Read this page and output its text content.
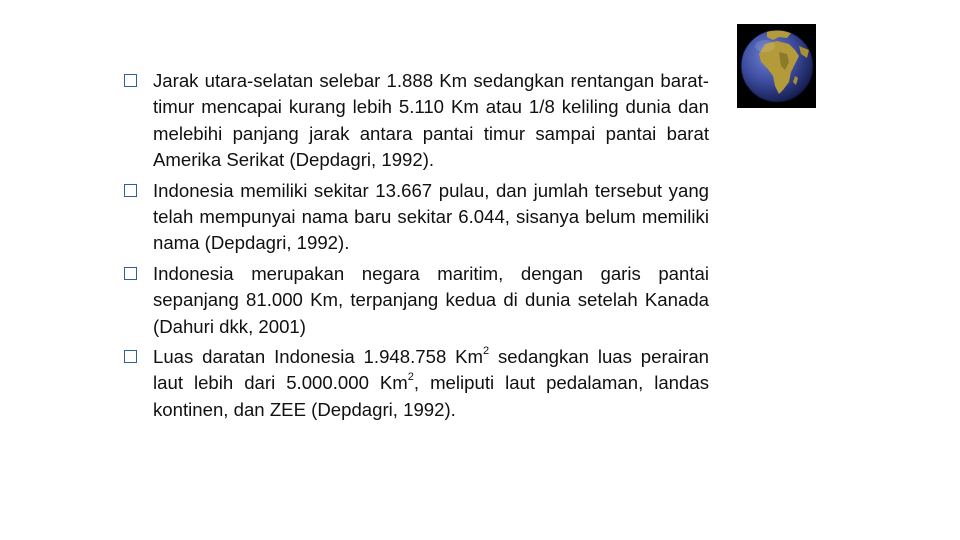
Jarak utara-selatan selebar 1.888 Km sedangkan rentangan barat-timur mencapai kurang lebih 5.110 Km atau 1/8 keliling dunia dan melebihi panjang jarak antara pantai timur sampai pantai barat Amerika Serikat (Depdagri, 1992).
Indonesia memiliki sekitar 13.667 pulau, dan jumlah tersebut yang telah mempunyai nama baru sekitar 6.044, sisanya belum memiliki nama (Depdagri, 1992).
Indonesia merupakan negara maritim, dengan garis pantai sepanjang 81.000 Km, terpanjang kedua di dunia setelah Kanada (Dahuri dkk, 2001)
Luas daratan Indonesia 1.948.758 Km$^2$ sedangkan luas perairan laut lebih dari 5.000.000 Km$^2$, meliputi laut pedalaman, landas kontinen, dan ZEE (Depdagri, 1992).
